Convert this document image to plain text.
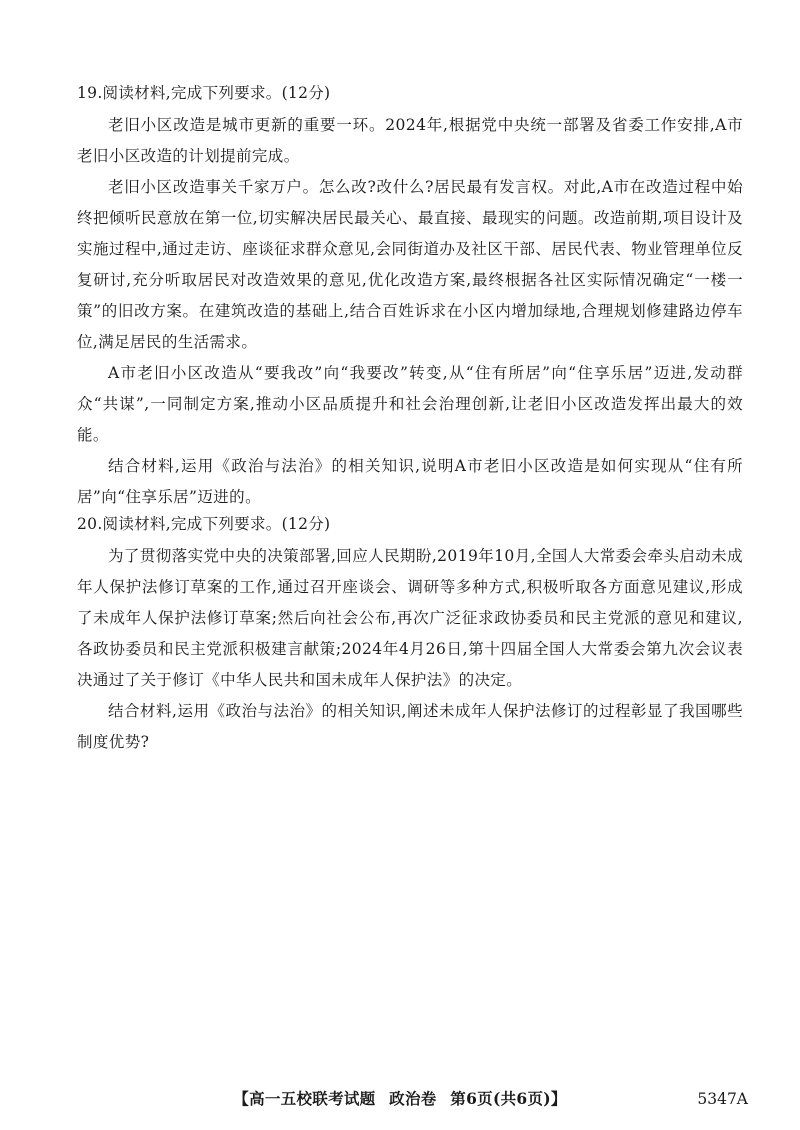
19.阅读材料,完成下列要求。(12分)

老旧小区改造是城市更新的重要一环。2024年,根据党中央统一部署及省委工作安排,A市老旧小区改造的计划提前完成。

老旧小区改造事关千家万户。怎么改?改什么?居民最有发言权。对此,A市在改造过程中始终把倾听民意放在第一位,切实解决居民最关心、最直接、最现实的问题。改造前期,项目设计及实施过程中,通过走访、座谈征求群众意见,会同街道办及社区干部、居民代表、物业管理单位反复研讨,充分听取居民对改造效果的意见,优化改造方案,最终根据各社区实际情况确定“一楼一策”的旧改方案。在建筑改造的基础上,结合百姓诉求在小区内增加绿地,合理规划修建路边停车位,满足居民的生活需求。

A市老旧小区改造从“要我改”向“我要改”转变,从“住有所居”向“住享乐居”迈进,发动群众“共谋”,一同制定方案,推动小区品质提升和社会治理创新,让老旧小区改造发挥出最大的效能。

结合材料,运用《政治与法治》的相关知识,说明A市老旧小区改造是如何实现从“住有所居”向“住享乐居”迈进的。

20.阅读材料,完成下列要求。(12分)

为了贯彻落实党中央的决策部署,回应人民期盼,2019年10月,全国人大常委会牵头启动未成年人保护法修订草案的工作,通过召开座谈会、调研等多种方式,积极听取各方面意见建议,形成了未成年人保护法修订草案;然后向社会公布,再次广泛征求政协委员和民主党派的意见和建议,各政协委员和民主党派积极建言献策;2024年4月26日,第十四届全国人大常委会第九次会议表决通过了关于修订《中华人民共和国未成年人保护法》的决定。

结合材料,运用《政治与法治》的相关知识,阐述未成年人保护法修订的过程彰显了我国哪些制度优势?

【高一五校联考试题 政治卷 第6页(共6页)】	5347A
